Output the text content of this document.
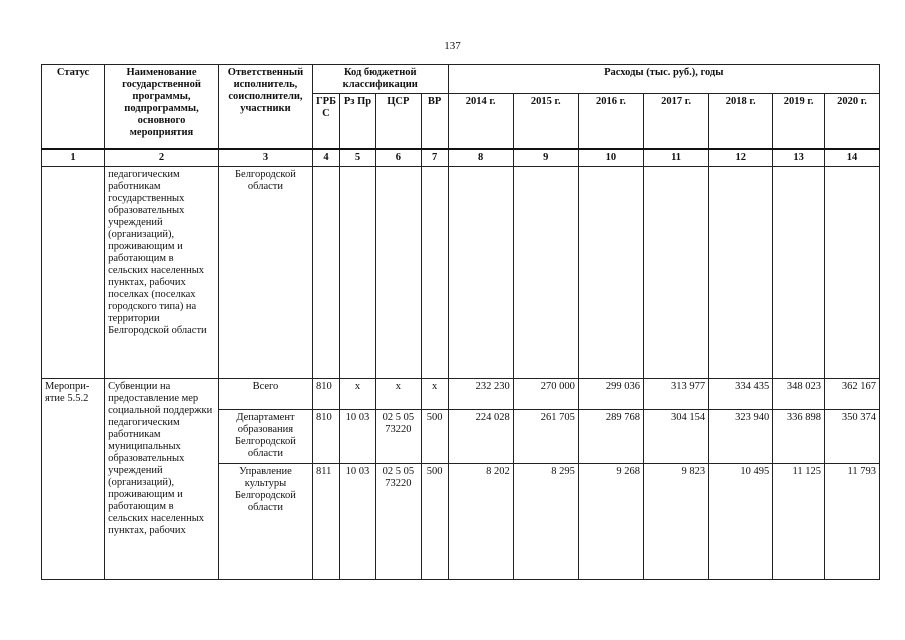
137
Статус	Наименование государственной программы, подпрограммы, основного мероприятия	Ответственный исполнитель, соисполнители, участники	Код бюджетной классификации				Расходы (тыс. руб.), годы						
			ГРБ С	Рз Пр	ЦСР	ВР	2014 г.	2015 г.	2016 г.	2017 г.	2018 г.	2019 г.	2020 г.
1	2	3	4	5	6	7	8	9	10	11	12	13	14
	педагогическим работникам государственных образовательных учреждений (организаций), проживающим и работающим в сельских населенных пунктах, рабочих поселках (поселках городского типа) на территории Белгородской области	Белгородской области											
Меропри-ятие 5.5.2	Субвенции на предоставление мер социальной поддержки педагогическим работникам муниципальных образовательных учреждений (организаций), проживающим и работающим в сельских населенных пунктах, рабочих	Всего	810	х	х	х	232 230	270 000	299 036	313 977	334 435	348 023	362 167
		Департамент образования Белгородской области	810	10 03	02 5 05 73220	500	224 028	261 705	289 768	304 154	323 940	336 898	350 374
		Управление культуры Белгородской области	811	10 03	02 5 05 73220	500	8 202	8 295	9 268	9 823	10 495	11 125	11 793
